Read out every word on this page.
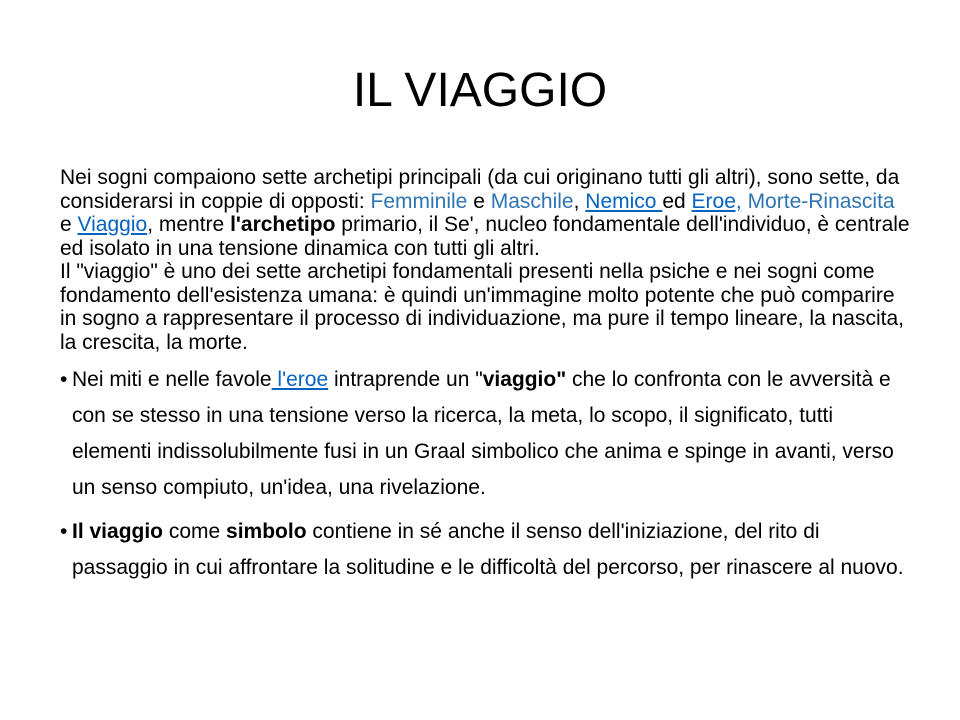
IL VIAGGIO
Nei sogni compaiono sette archetipi principali (da cui originano tutti gli altri), sono sette, da considerarsi in coppie di opposti: Femminile e Maschile, Nemico ed Eroe, Morte-Rinascita e Viaggio, mentre l'archetipo primario, il Se', nucleo fondamentale dell'individuo, è centrale ed isolato in una tensione dinamica con tutti gli altri.
Il "viaggio" è uno dei sette archetipi fondamentali presenti nella psiche e nei sogni come fondamento dell'esistenza umana: è quindi un'immagine molto potente che può comparire in sogno a rappresentare il processo di individuazione, ma pure il tempo lineare, la nascita, la crescita, la morte.
• Nei miti e nelle favole l'eroe intraprende un "viaggio" che lo confronta con le avversità e con se stesso in una tensione verso la ricerca, la meta, lo scopo, il significato, tutti elementi indissolubilmente fusi in un Graal simbolico che anima e spinge in avanti, verso un senso compiuto, un'idea, una rivelazione.
• Il viaggio come simbolo contiene in sé anche il senso dell'iniziazione, del rito di passaggio in cui affrontare la solitudine e le difficoltà del percorso, per rinascere al nuovo.
